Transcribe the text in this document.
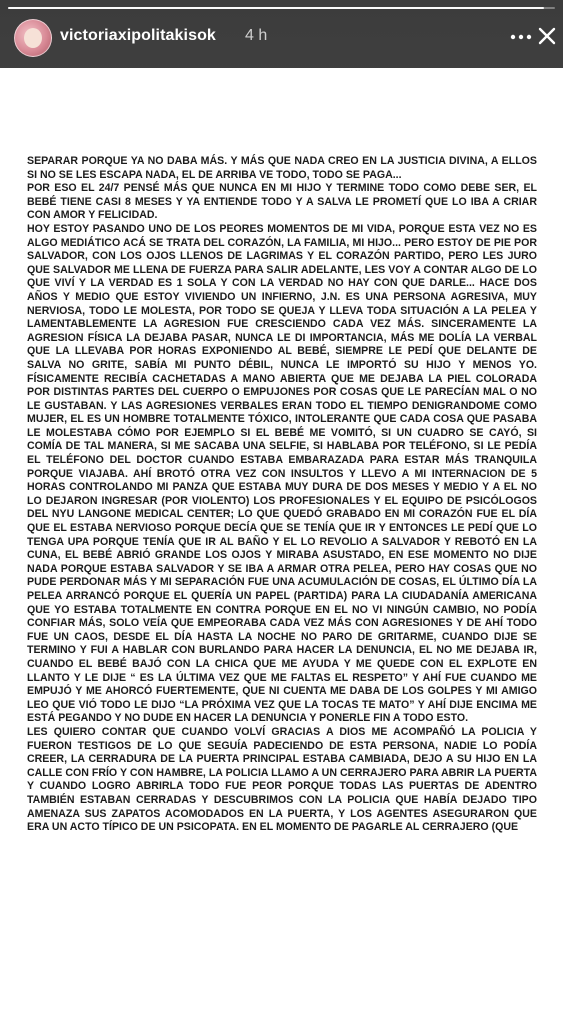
victoriaxipolitakisok 4 h

SEPARAR PORQUE YA NO DABA MÁS. Y MÁS QUE NADA CREO EN LA JUSTICIA DIVINA, A ELLOS SI NO SE LES ESCAPA NADA, EL DE ARRIBA VE TODO, TODO SE PAGA...

POR ESO EL 24/7 PENSÉ MÁS QUE NUNCA EN MI HIJO Y TERMINE TODO COMO DEBE SER, EL BEBÉ TIENE CASI 8 MESES Y YA ENTIENDE TODO Y A SALVA LE PROMETÍ QUE LO IBA A CRIAR CON AMOR Y FELICIDAD.

HOY ESTOY PASANDO UNO DE LOS PEORES MOMENTOS DE MI VIDA, PORQUE ESTA VEZ NO ES ALGO MEDIÁTICO ACÁ SE TRATA DEL CORAZÓN, LA FAMILIA, MI HIJO... PERO ESTOY DE PIE POR SALVADOR, CON LOS OJOS LLENOS DE LAGRIMAS Y EL CORAZÓN PARTIDO, PERO LES JURO QUE SALVADOR ME LLENA DE FUERZA PARA SALIR ADELANTE, LES VOY A CONTAR ALGO DE LO QUE VIVÍ Y LA VERDAD ES 1 SOLA Y CON LA VERDAD NO HAY CON QUE DARLE... HACE DOS AÑOS Y MEDIO QUE ESTOY VIVIENDO UN INFIERNO, J.N. ES UNA PERSONA AGRESIVA, MUY NERVIOSA, TODO LE MOLESTA, POR TODO SE QUEJA Y LLEVA TODA SITUACIÓN A LA PELEA Y LAMENTABLEMENTE LA AGRESION FUE CRESCIENDO CADA VEZ MÁS. SINCERAMENTE LA AGRESION FÍSICA LA DEJABA PASAR, NUNCA LE DI IMPORTANCIA, MÁS ME DOLÍA LA VERBAL QUE LA LLEVABA POR HORAS EXPONIENDO AL BEBÉ, SIEMPRE LE PEDÍ QUE DELANTE DE SALVA NO GRITE, SABÍA MI PUNTO DÉBIL, NUNCA LE IMPORTÓ SU HIJO Y MENOS YO. FÍSICAMENTE RECIBÍA CACHETADAS A MANO ABIERTA QUE ME DEJABA LA PIEL COLORADA POR DISTINTAS PARTES DEL CUERPO O EMPUJONES POR COSAS QUE LE PARECÍAN MAL O NO LE GUSTABAN. Y LAS AGRESIONES VERBALES ERAN TODO EL TIEMPO DENIGRANDOME COMO MUJER, EL ES UN HOMBRE TOTALMENTE TÓXICO, INTOLERANTE QUE CADA COSA QUE PASABA LE MOLESTABA CÓMO POR EJEMPLO SI EL BEBÉ ME VOMITÓ, SI UN CUADRO SE CAYÓ, SI COMÍA DE TAL MANERA, SI ME SACABA UNA SELFIE, SI HABLABA POR TELÉFONO, SI LE PEDÍA EL TELÉFONO DEL DOCTOR CUANDO ESTABA EMBARAZADA PARA ESTAR MÁS TRANQUILA PORQUE VIAJABA. AHÍ BROTÓ OTRA VEZ CON INSULTOS Y LLEVO A MI INTERNACION DE 5 HORAS CONTROLANDO MI PANZA QUE ESTABA MUY DURA DE DOS MESES Y MEDIO Y A EL NO LO DEJARON INGRESAR (POR VIOLENTO) LOS PROFESIONALES Y EL EQUIPO DE PSICÓLOGOS DEL NYU LANGONE MEDICAL CENTER; LO QUE QUEDÓ GRABADO EN MI CORAZÓN FUE EL DÍA QUE EL ESTABA NERVIOSO PORQUE DECÍA QUE SE TENÍA QUE IR Y ENTONCES LE PEDÍ QUE LO TENGA UPA PORQUE TENÍA QUE IR AL BAÑO Y EL LO REVOLIO A SALVADOR Y REBOTÓ EN LA CUNA, EL BEBÉ ABRIÓ GRANDE LOS OJOS Y MIRABA ASUSTADO, EN ESE MOMENTO NO DIJE NADA PORQUE ESTABA SALVADOR Y SE IBA A ARMAR OTRA PELEA, PERO HAY COSAS QUE NO PUDE PERDONAR MÁS Y MI SEPARACIÓN FUE UNA ACUMULACIÓN DE COSAS, EL ÚLTIMO DÍA LA PELEA ARRANCÓ PORQUE EL QUERÍA UN PAPEL (PARTIDA) PARA LA CIUDADANÍA AMERICANA QUE YO ESTABA TOTALMENTE EN CONTRA PORQUE EN EL NO VI NINGÚN CAMBIO, NO PODÍA CONFIAR MÁS, SOLO VEÍA QUE EMPEORABA CADA VEZ MÁS CON AGRESIONES Y DE AHÍ TODO FUE UN CAOS, DESDE EL DÍA HASTA LA NOCHE NO PARO DE GRITARME, CUANDO DIJE SE TERMINO Y FUI A HABLAR CON BURLANDO PARA HACER LA DENUNCIA, EL NO ME DEJABA IR, CUANDO EL BEBÉ BAJÓ CON LA CHICA QUE ME AYUDA Y ME QUEDE CON EL EXPLOTE EN LLANTO Y LE DIJE “ ES LA ÚLTIMA VEZ QUE ME FALTAS EL RESPETO” Y AHÍ FUE CUANDO ME EMPUJÓ Y ME AHORCÓ FUERTEMENTE, QUE NI CUENTA ME DABA DE LOS GOLPES Y MI AMIGO LEO QUE VIÓ TODO LE DIJO “LA PRÓXIMA VEZ QUE LA TOCAS TE MATO” Y AHÍ DIJE ENCIMA ME ESTÁ PEGANDO Y NO DUDE EN HACER LA DENUNCIA Y PONERLE FIN A TODO ESTO.

LES QUIERO CONTAR QUE CUANDO VOLVÍ GRACIAS A DIOS ME ACOMPAÑÓ LA POLICIA Y FUERON TESTIGOS DE LO QUE SEGUÍA PADECIENDO DE ESTA PERSONA, NADIE LO PODÍA CREER, LA CERRADURA DE LA PUERTA PRINCIPAL ESTABA CAMBIADA, DEJO A SU HIJO EN LA CALLE CON FRÍO Y CON HAMBRE, LA POLICIA LLAMO A UN CERRAJERO PARA ABRIR LA PUERTA Y CUANDO LOGRO ABRIRLA TODO FUE PEOR PORQUE TODAS LAS PUERTAS DE ADENTRO TAMBIÉN ESTABAN CERRADAS Y DESCUBRIMOS CON LA POLICIA QUE HABÍA DEJADO TIPO AMENAZA SUS ZAPATOS ACOMODADOS EN LA PUERTA, Y LOS AGENTES ASEGURARON QUE ERA UN ACTO TÍPICO DE UN PSICOPATA. EN EL MOMENTO DE PAGARLE AL CERRAJERO (QUE
